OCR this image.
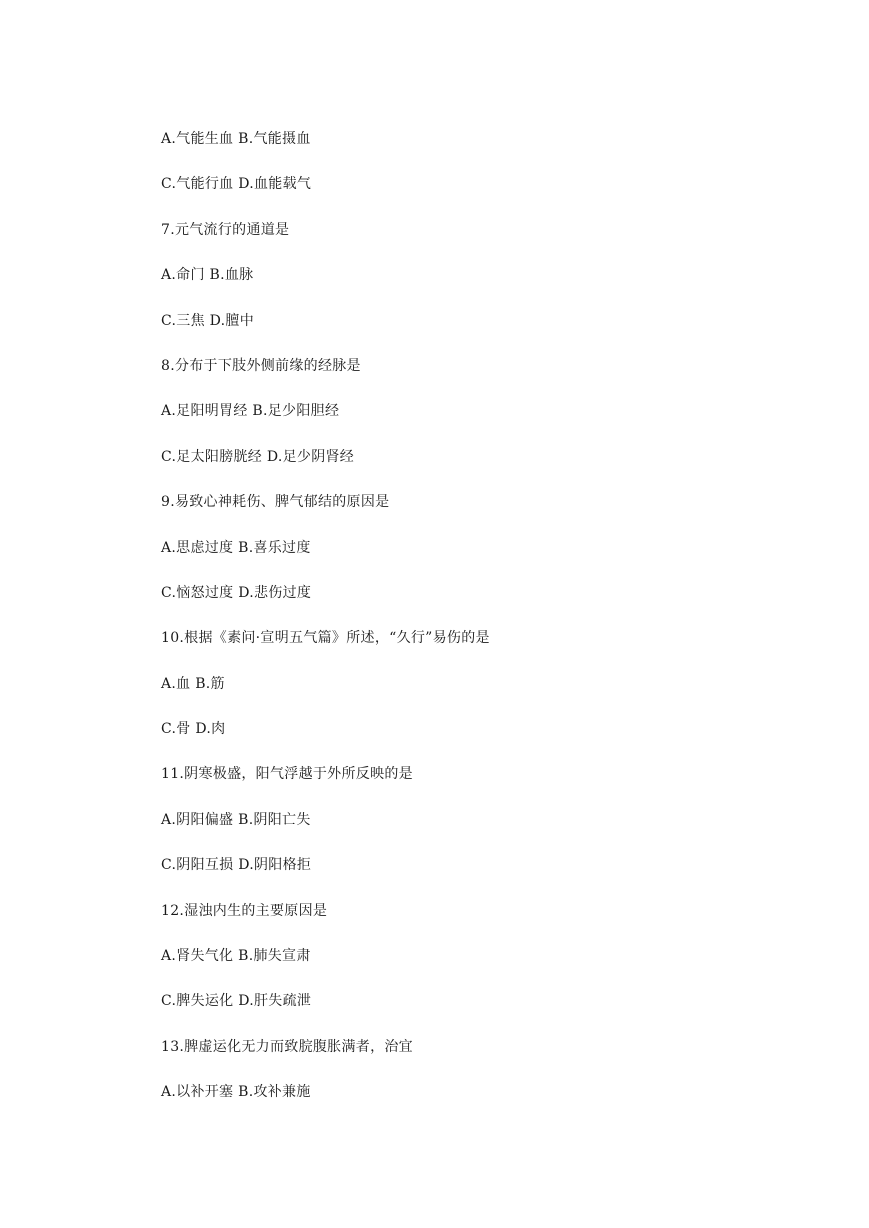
A.气能生血 B.气能摄血
C.气能行血 D.血能载气
7.元气流行的通道是
A.命门 B.血脉
C.三焦 D.膻中
8.分布于下肢外侧前缘的经脉是
A.足阳明胃经 B.足少阳胆经
C.足太阳膀胱经 D.足少阴肾经
9.易致心神耗伤、脾气郁结的原因是
A.思虑过度 B.喜乐过度
C.恼怒过度 D.悲伤过度
10.根据《素问·宣明五气篇》所述，“久行”易伤的是
A.血 B.筋
C.骨 D.肉
11.阴寒极盛，阳气浮越于外所反映的是
A.阴阳偏盛 B.阴阳亡失
C.阴阳互损 D.阴阳格拒
12.湿浊内生的主要原因是
A.肾失气化 B.肺失宣肃
C.脾失运化 D.肝失疏泄
13.脾虚运化无力而致脘腹胀满者，治宜
A.以补开塞 B.攻补兼施
